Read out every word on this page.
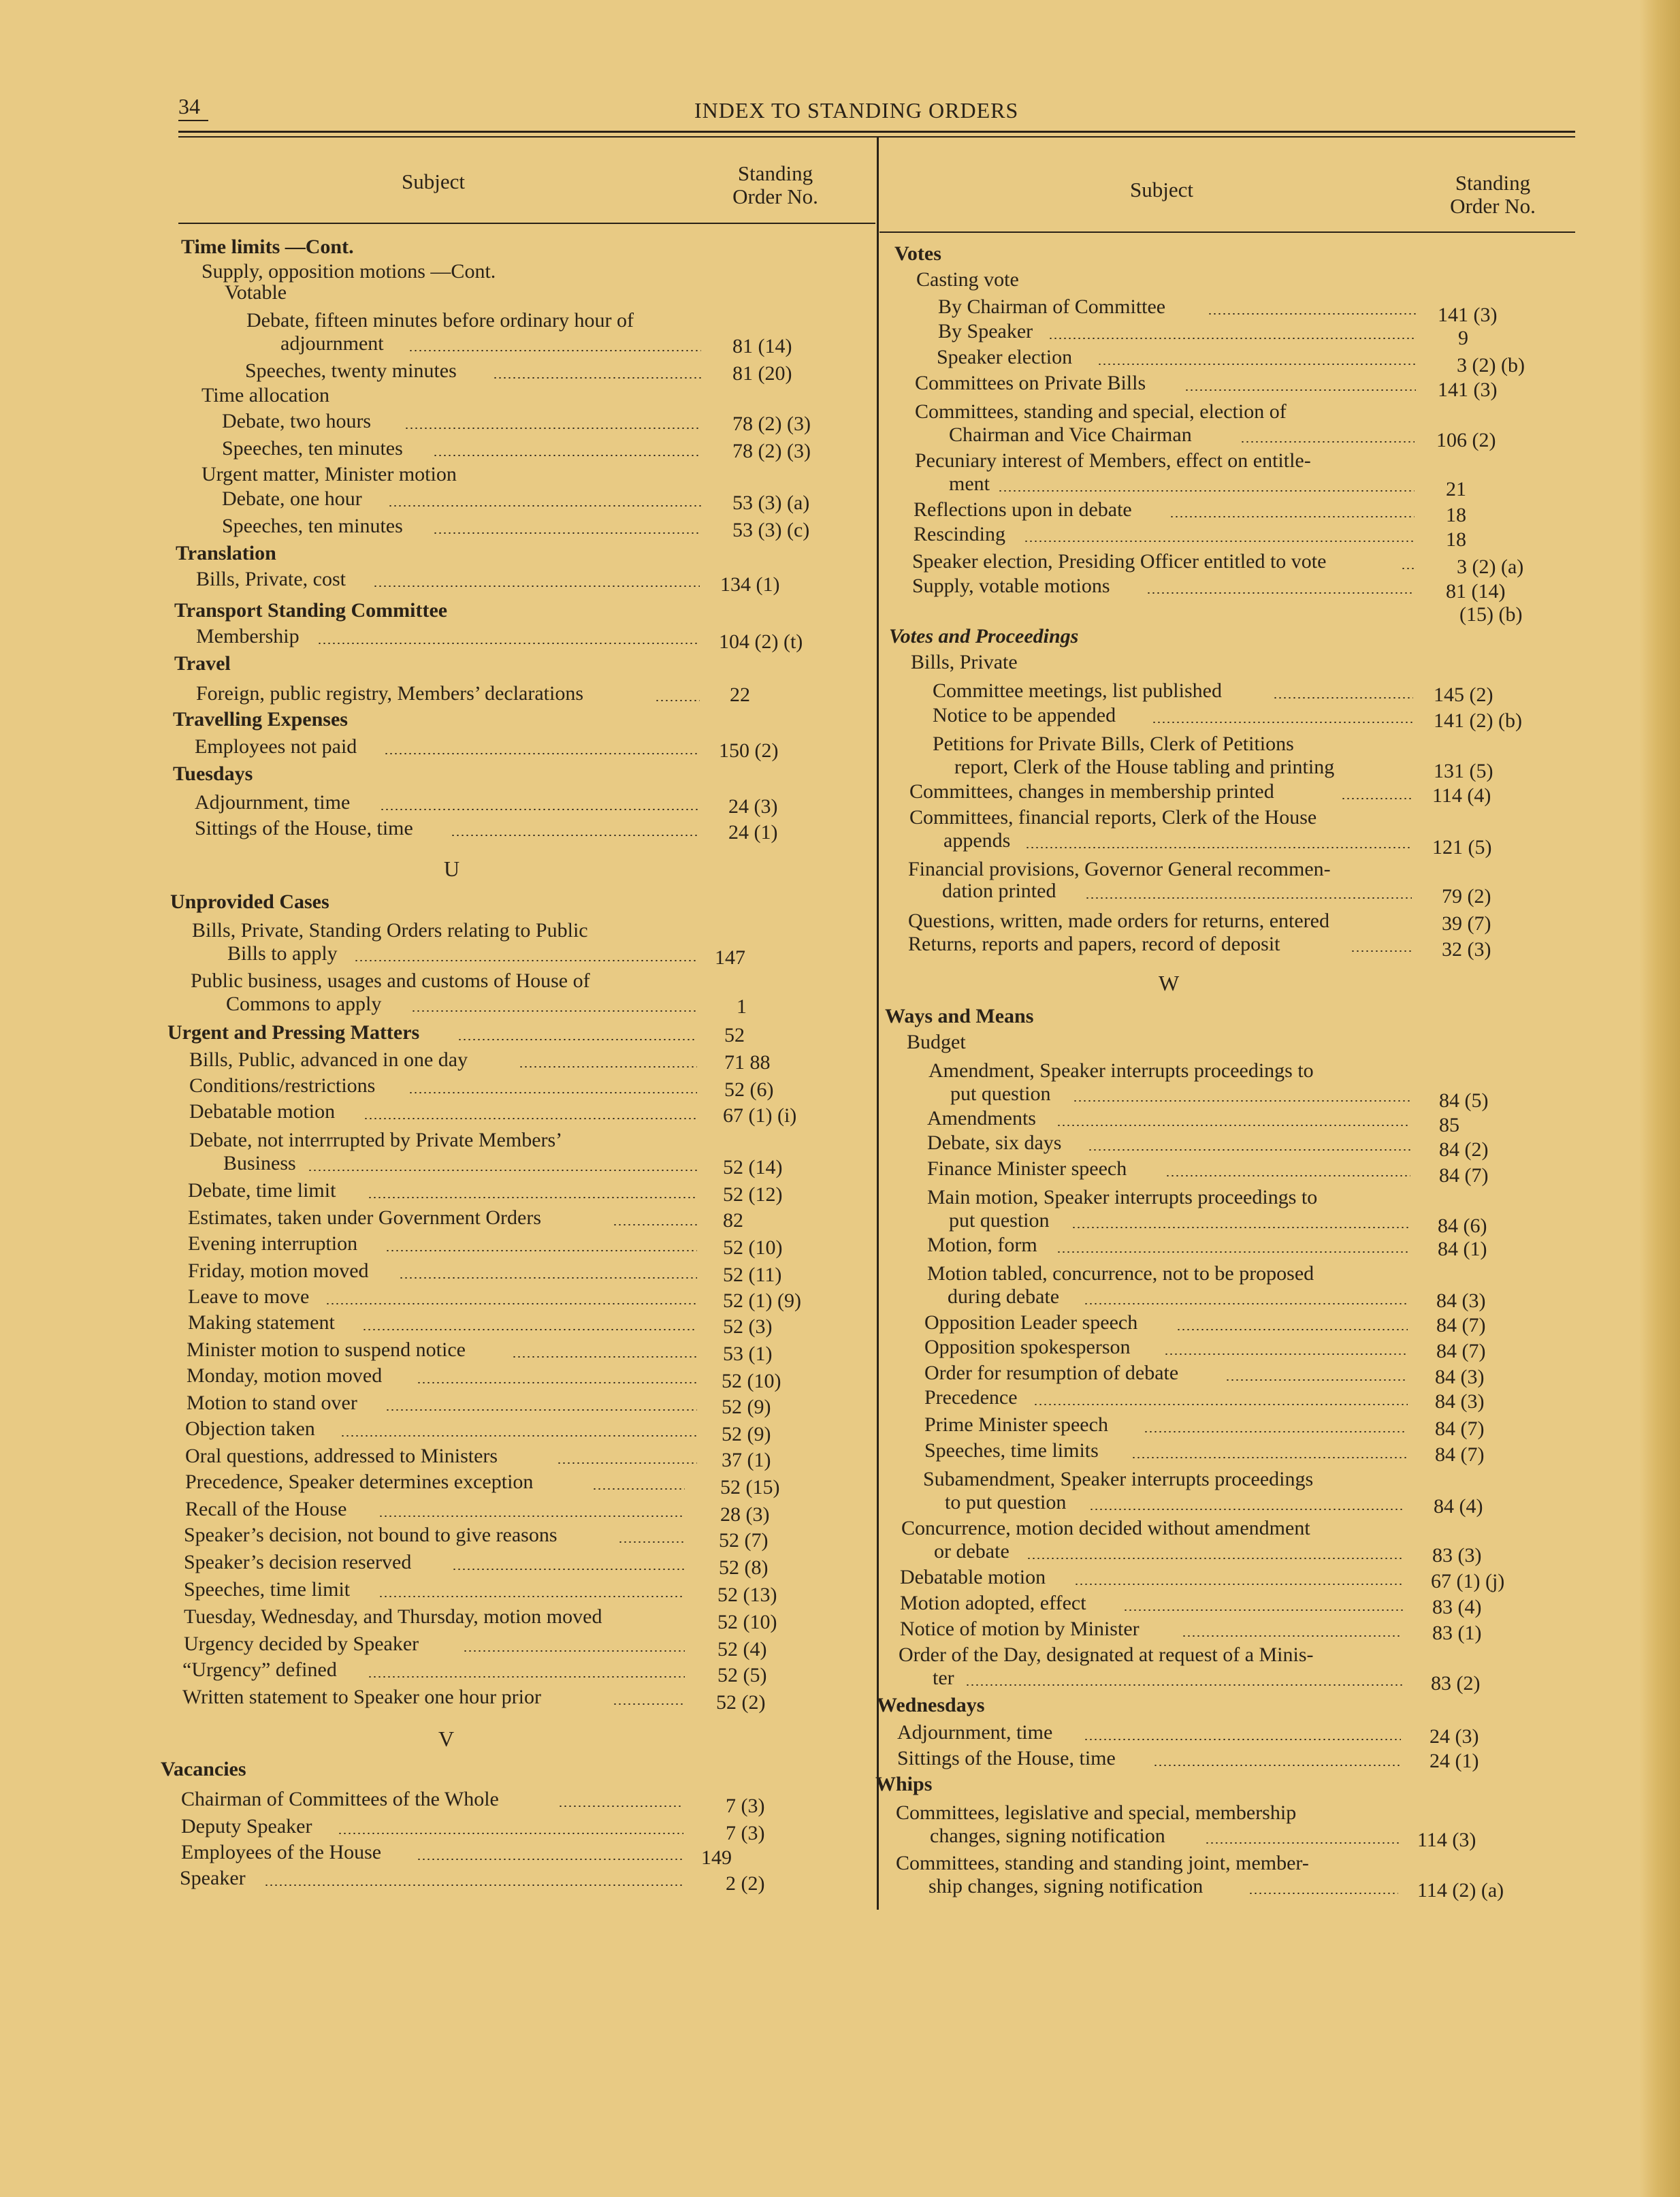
34	INDEX TO STANDING ORDERS
Subject	Standing
Order No.	Subject	Standing
Order No.
Time limits —Cont.
Supply, opposition motions —Cont.
Votable
Debate, fifteen minutes before ordinary hour of
adjournment	81 (14)
Speeches, twenty minutes	81 (20)
Time allocation
Debate, two hours	78 (2) (3)
Speeches, ten minutes	78 (2) (3)
Urgent matter, Minister motion
Debate, one hour	53 (3) (a)
Speeches, ten minutes	53 (3) (c)
Translation
Bills, Private, cost	134 (1)
Transport Standing Committee
Membership	104 (2) (t)
Travel
Foreign, public registry, Members’ declarations	22
Travelling Expenses
Employees not paid	150 (2)
Tuesdays
Adjournment, time	24 (3)
Sittings of the House, time	24 (1)
U
Unprovided Cases
Bills, Private, Standing Orders relating to Public
Bills to apply	147
Public business, usages and customs of House of
Commons to apply	1
Urgent and Pressing Matters	52
Bills, Public, advanced in one day	71 88
Conditions/restrictions	52 (6)
Debatable motion	67 (1) (i)
Debate, not interrrupted by Private Members’
Business	52 (14)
Debate, time limit	52 (12)
Estimates, taken under Government Orders	82
Evening interruption	52 (10)
Friday, motion moved	52 (11)
Leave to move	52 (1) (9)
Making statement	52 (3)
Minister motion to suspend notice	53 (1)
Monday, motion moved	52 (10)
Motion to stand over	52 (9)
Objection taken	52 (9)
Oral questions, addressed to Ministers	37 (1)
Precedence, Speaker determines exception	52 (15)
Recall of the House	28 (3)
Speaker’s decision, not bound to give reasons	52 (7)
Speaker’s decision reserved	52 (8)
Speeches, time limit	52 (13)
Tuesday, Wednesday, and Thursday, motion moved	52 (10)
Urgency decided by Speaker	52 (4)
“Urgency” defined	52 (5)
Written statement to Speaker one hour prior	52 (2)
V
Vacancies
Chairman of Committees of the Whole	7 (3)
Deputy Speaker	7 (3)
Employees of the House	149
Speaker	2 (2)
Votes
Casting vote
By Chairman of Committee	141 (3)
By Speaker	9
Speaker election	3 (2) (b)
Committees on Private Bills	141 (3)
Committees, standing and special, election of
Chairman and Vice Chairman	106 (2)
Pecuniary interest of Members, effect on entitle-
ment	21
Reflections upon in debate	18
Rescinding	18
Speaker election, Presiding Officer entitled to vote	3 (2) (a)
Supply, votable motions	81 (14)
(15) (b)
Votes and Proceedings
Bills, Private
Committee meetings, list published	145 (2)
Notice to be appended	141 (2) (b)
Petitions for Private Bills, Clerk of Petitions
report, Clerk of the House tabling and printing	131 (5)
Committees, changes in membership printed	114 (4)
Committees, financial reports, Clerk of the House
appends	121 (5)
Financial provisions, Governor General recommen-
dation printed	79 (2)
Questions, written, made orders for returns, entered	39 (7)
Returns, reports and papers, record of deposit	32 (3)
W
Ways and Means
Budget
Amendment, Speaker interrupts proceedings to
put question	84 (5)
Amendments	85
Debate, six days	84 (2)
Finance Minister speech	84 (7)
Main motion, Speaker interrupts proceedings to
put question	84 (6)
Motion, form	84 (1)
Motion tabled, concurrence, not to be proposed
during debate	84 (3)
Opposition Leader speech	84 (7)
Opposition spokesperson	84 (7)
Order for resumption of debate	84 (3)
Precedence	84 (3)
Prime Minister speech	84 (7)
Speeches, time limits	84 (7)
Subamendment, Speaker interrupts proceedings
to put question	84 (4)
Concurrence, motion decided without amendment
or debate	83 (3)
Debatable motion	67 (1) (j)
Motion adopted, effect	83 (4)
Notice of motion by Minister	83 (1)
Order of the Day, designated at request of a Minis-
ter	83 (2)
Wednesdays
Adjournment, time	24 (3)
Sittings of the House, time	24 (1)
Whips
Committees, legislative and special, membership
changes, signing notification	114 (3)
Committees, standing and standing joint, member-
ship changes, signing notification	114 (2) (a)
